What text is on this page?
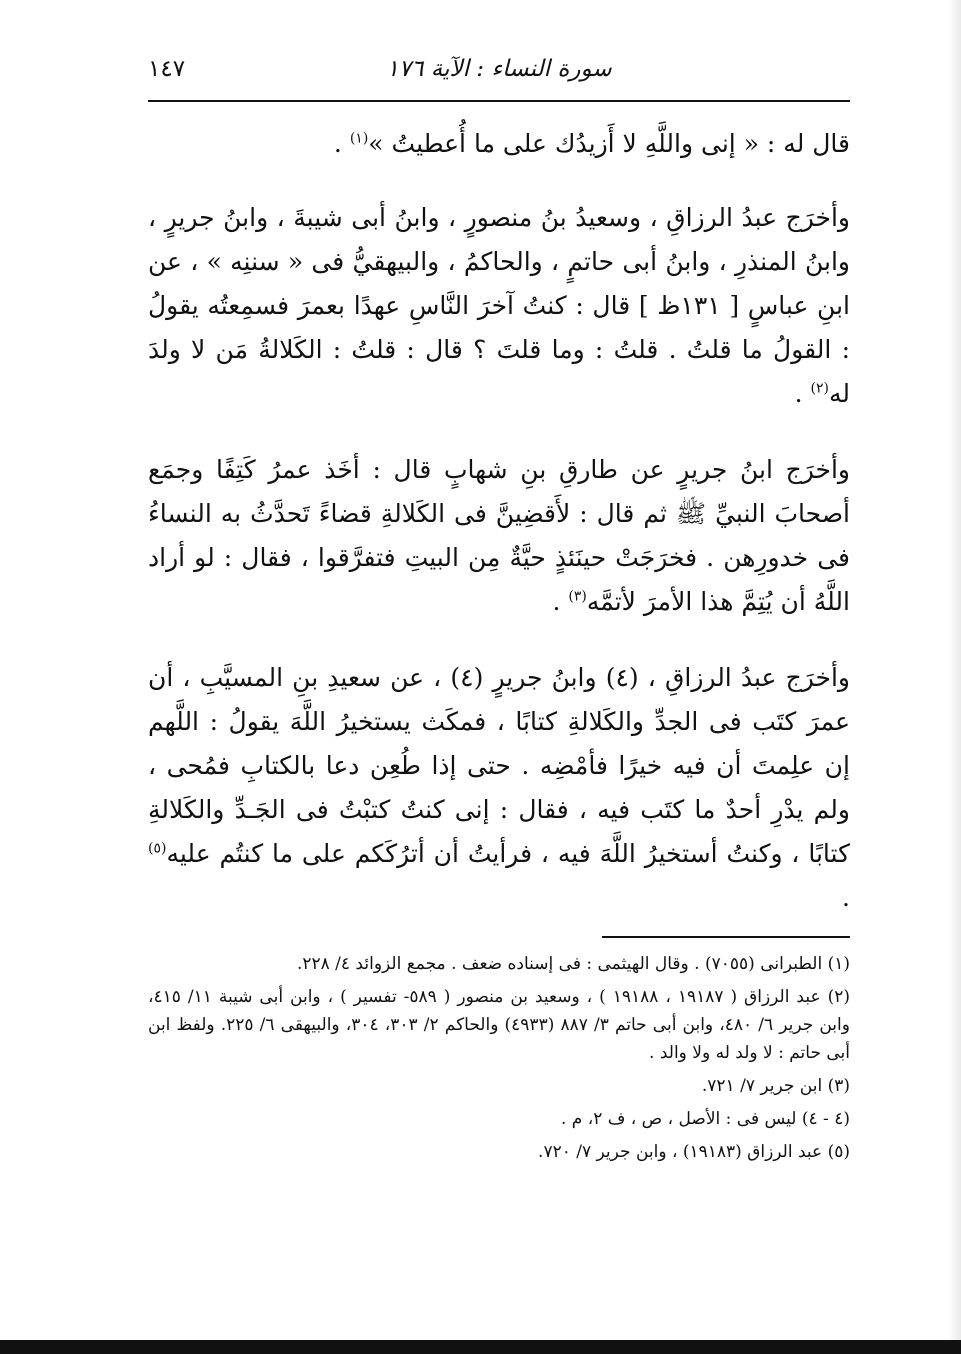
سورة النساء : الآية ١٧٦
١٤٧

قال له : « إنى واللَّهِ لا أَزيدُك على ما أُعطيتُ »$^{(١)}$ .

وأخرَج عبدُ الرزاقِ ، وسعيدُ بنُ منصورٍ ، وابنُ أبى شيبةَ ، وابنُ جريرٍ ، وابنُ المنذرِ ، وابنُ أبى حاتمٍ ، والحاكمُ ، والبيهقيُّ فى « سننِه » ، عن ابنِ عباسٍ [ ١٣١ظ ] قال : كنتُ آخرَ النَّاسِ عهدًا بعمرَ فسمِعتُه يقولُ : القولُ ما قلتُ . قلتُ : وما قلتَ ؟ قال : قلتُ : الكَلالةُ مَن لا ولدَ له$^{(٢)}$ .

وأخرَج ابنُ جريرٍ عن طارقِ بنِ شهابٍ قال : أخَذ عمرُ كَتِفًا وجمَع أصحابَ النبيِّ ﷺ ثم قال : لأَقضِينَّ فى الكَلالةِ قضاءً تَحدَّثُ به النساءُ فى خدورِهن . فخرَجَتْ حينَئذٍ حيَّةٌ مِن البيتِ فتفرَّقوا ، فقال : لو أراد اللَّهُ أن يُتِمَّ هذا الأمرَ لأتمَّه$^{(٣)}$ .

وأخرَج عبدُ الرزاقِ ، (٤) وابنُ جريرٍ (٤) ، عن سعيدِ بنِ المسيَّبِ ، أن عمرَ كتَب فى الجدِّ والكَلالةِ كتابًا ، فمكَث يستخيرُ اللَّهَ يقولُ : اللَّهم إن علِمتَ أن فيه خيرًا فأمْضِه . حتى إذا طُعِن دعا بالكتابِ فمُحى ، ولم يدْرِ أحدٌ ما كتَب فيه ، فقال : إنى كنتُ كتبْتُ فى الجَـدِّ والكَلالةِ كتابًا ، وكنتُ أستخيرُ اللَّهَ فيه ، فرأيتُ أن أترُكَكم على ما كنتُم عليه$^{(٥)}$ .

(١) الطبرانى (٧٠٥٥) . وقال الهيثمى : فى إسناده ضعف . مجمع الزوائد ٤/ ٢٢٨.

(٢) عبد الرزاق ( ١٩١٨٧ ، ١٩١٨٨ ) ، وسعيد بن منصور ( ٥٨٩- تفسير ) ، وابن أبى شيبة ١١/ ٤١٥، وابن جرير ٦/ ٤٨٠، وابن أبى حاتم ٣/ ٨٨٧ (٤٩٣٣) والحاكم ٢/ ٣٠٣، ٣٠٤، والبيهقى ٦/ ٢٢٥. ولفظ ابن أبى حاتم : لا ولد له ولا والد .

(٣) ابن جرير ٧/ ٧٢١.

(٤ - ٤) ليس فى : الأصل ، ص ، ف ٢، م .

(٥) عبد الرزاق (١٩١٨٣) ، وابن جرير ٧/ ٧٢٠.
